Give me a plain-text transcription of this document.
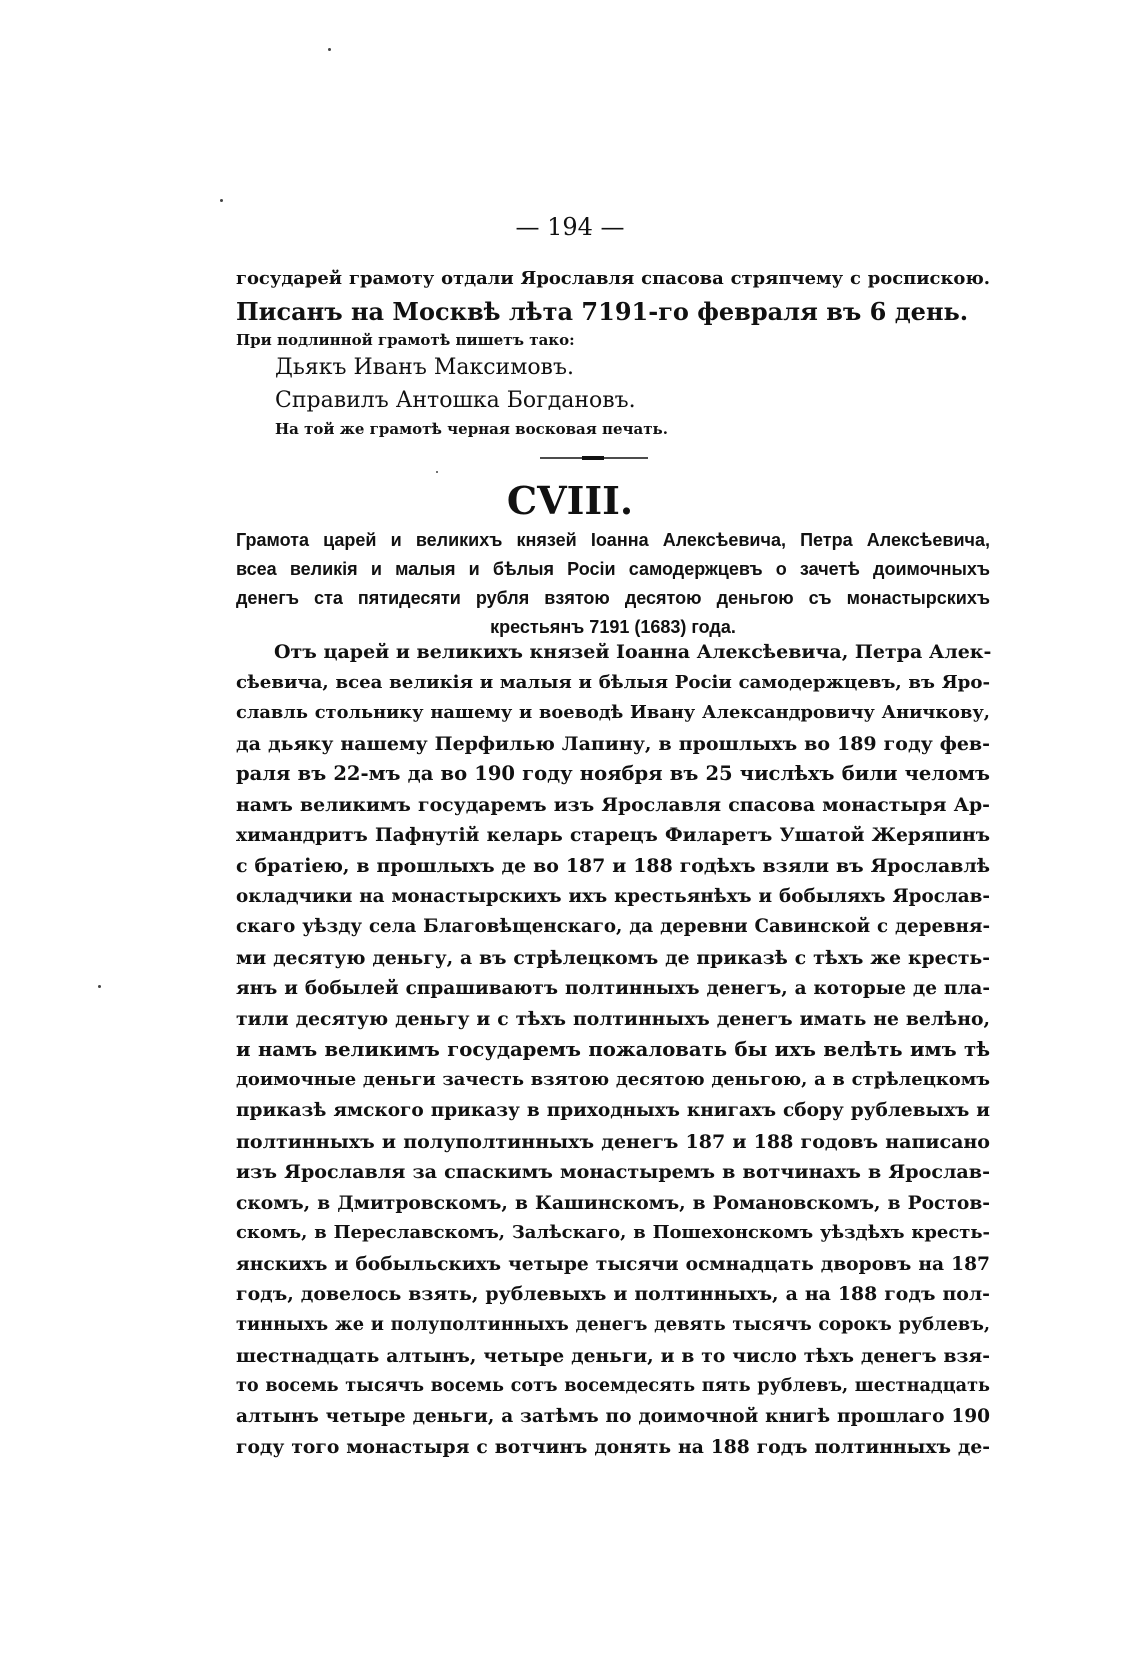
— 194 —
государей грамоту отдали Ярославля спасова стряпчему с роспискою.
Писанъ на Москвѣ лѣта 7191-го февраля въ 6 день.
При подлинной грамотѣ пишетъ тако:
Дьякъ Иванъ Максимовъ.
Справилъ Антошка Богдановъ.
На той же грамотѣ черная восковая печать.
CVIII.
Грамота царей и великихъ князей Іоанна Алексѣевича, Петра Алексѣевича,
всеа великія и малыя и бѣлыя Росіи самодержцевъ о зачетѣ доимочныхъ
денегъ ста пятидесяти рубля взятою десятою деньгою съ монастырскихъ
крестьянъ 7191 (1683) года.
Отъ царей и великихъ князей Іоанна Алексѣевича, Петра Алек-
сѣевича, всеа великія и малыя и бѣлыя Росіи самодержцевъ, въ Яро-
славль стольнику нашему и воеводѣ Ивану Александровичу Аничкову,
да дьяку нашему Перфилью Лапину, в прошлыхъ во 189 году фев-
раля въ 22-мъ да во 190 году ноября въ 25 числѣхъ били челомъ
намъ великимъ государемъ изъ Ярославля спасова монастыря Ар-
химандритъ Пафнутій келарь старецъ Филаретъ Ушатой Жеряпинъ
с братіею, в прошлыхъ де во 187 и 188 годѣхъ взяли въ Ярославлѣ
окладчики на монастырскихъ ихъ крестьянѣхъ и бобыляхъ Ярослав-
скаго уѣзду села Благовѣщенскаго, да деревни Савинской с деревня-
ми десятую деньгу, а въ стрѣлецкомъ де приказѣ с тѣхъ же кресть-
янъ и бобылей спрашиваютъ полтинныхъ денегъ, а которые де пла-
тили десятую деньгу и с тѣхъ полтинныхъ денегъ имать не велѣно,
и намъ великимъ государемъ пожаловать бы ихъ велѣть имъ тѣ
доимочные деньги зачесть взятою десятою деньгою, а в стрѣлецкомъ
приказѣ ямского приказу в приходныхъ книгахъ сбору рублевыхъ и
полтинныхъ и полуполтинныхъ денегъ 187 и 188 годовъ написано
изъ Ярославля за спаскимъ монастыремъ в вотчинахъ в Ярослав-
скомъ, в Дмитровскомъ, в Кашинскомъ, в Романовскомъ, в Ростов-
скомъ, в Переславскомъ, Залѣскаго, в Пошехонскомъ уѣздѣхъ кресть-
янскихъ и бобыльскихъ четыре тысячи осмнадцать дворовъ на 187
годъ, довелось взять, рублевыхъ и полтинныхъ, а на 188 годъ пол-
тинныхъ же и полуполтинныхъ денегъ девять тысячъ сорокъ рублевъ,
шестнадцать алтынъ, четыре деньги, и в то число тѣхъ денегъ взя-
то восемь тысячъ восемь сотъ восемдесять пять рублевъ, шестнадцать
алтынъ четыре деньги, а затѣмъ по доимочной книгѣ прошлаго 190
году того монастыря с вотчинъ донять на 188 годъ полтинныхъ де-
